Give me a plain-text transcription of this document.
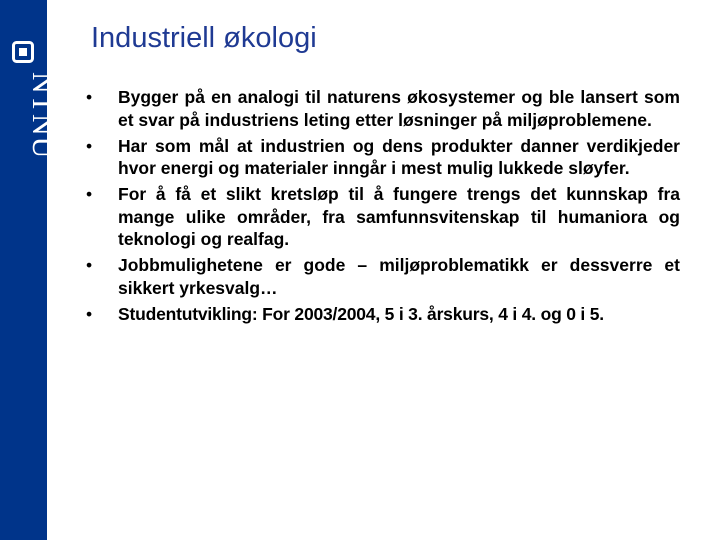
NTNU
Industriell økologi
• Bygger på en analogi til naturens økosystemer og ble lansert som et svar på industriens leting etter løsninger på miljøproblemene.
• Har som mål at industrien og dens produkter danner verdikjeder hvor energi og materialer inngår i mest mulig lukkede sløyfer.
• For å få et slikt kretsløp til å fungere trengs det kunnskap fra mange ulike områder, fra samfunnsvitenskap til humaniora og teknologi og realfag.
• Jobbmulighetene er gode – miljøproblematikk er dessverre et sikkert yrkesvalg…
• Studentutvikling: For 2003/2004, 5 i 3. årskurs, 4 i 4. og 0 i 5.
